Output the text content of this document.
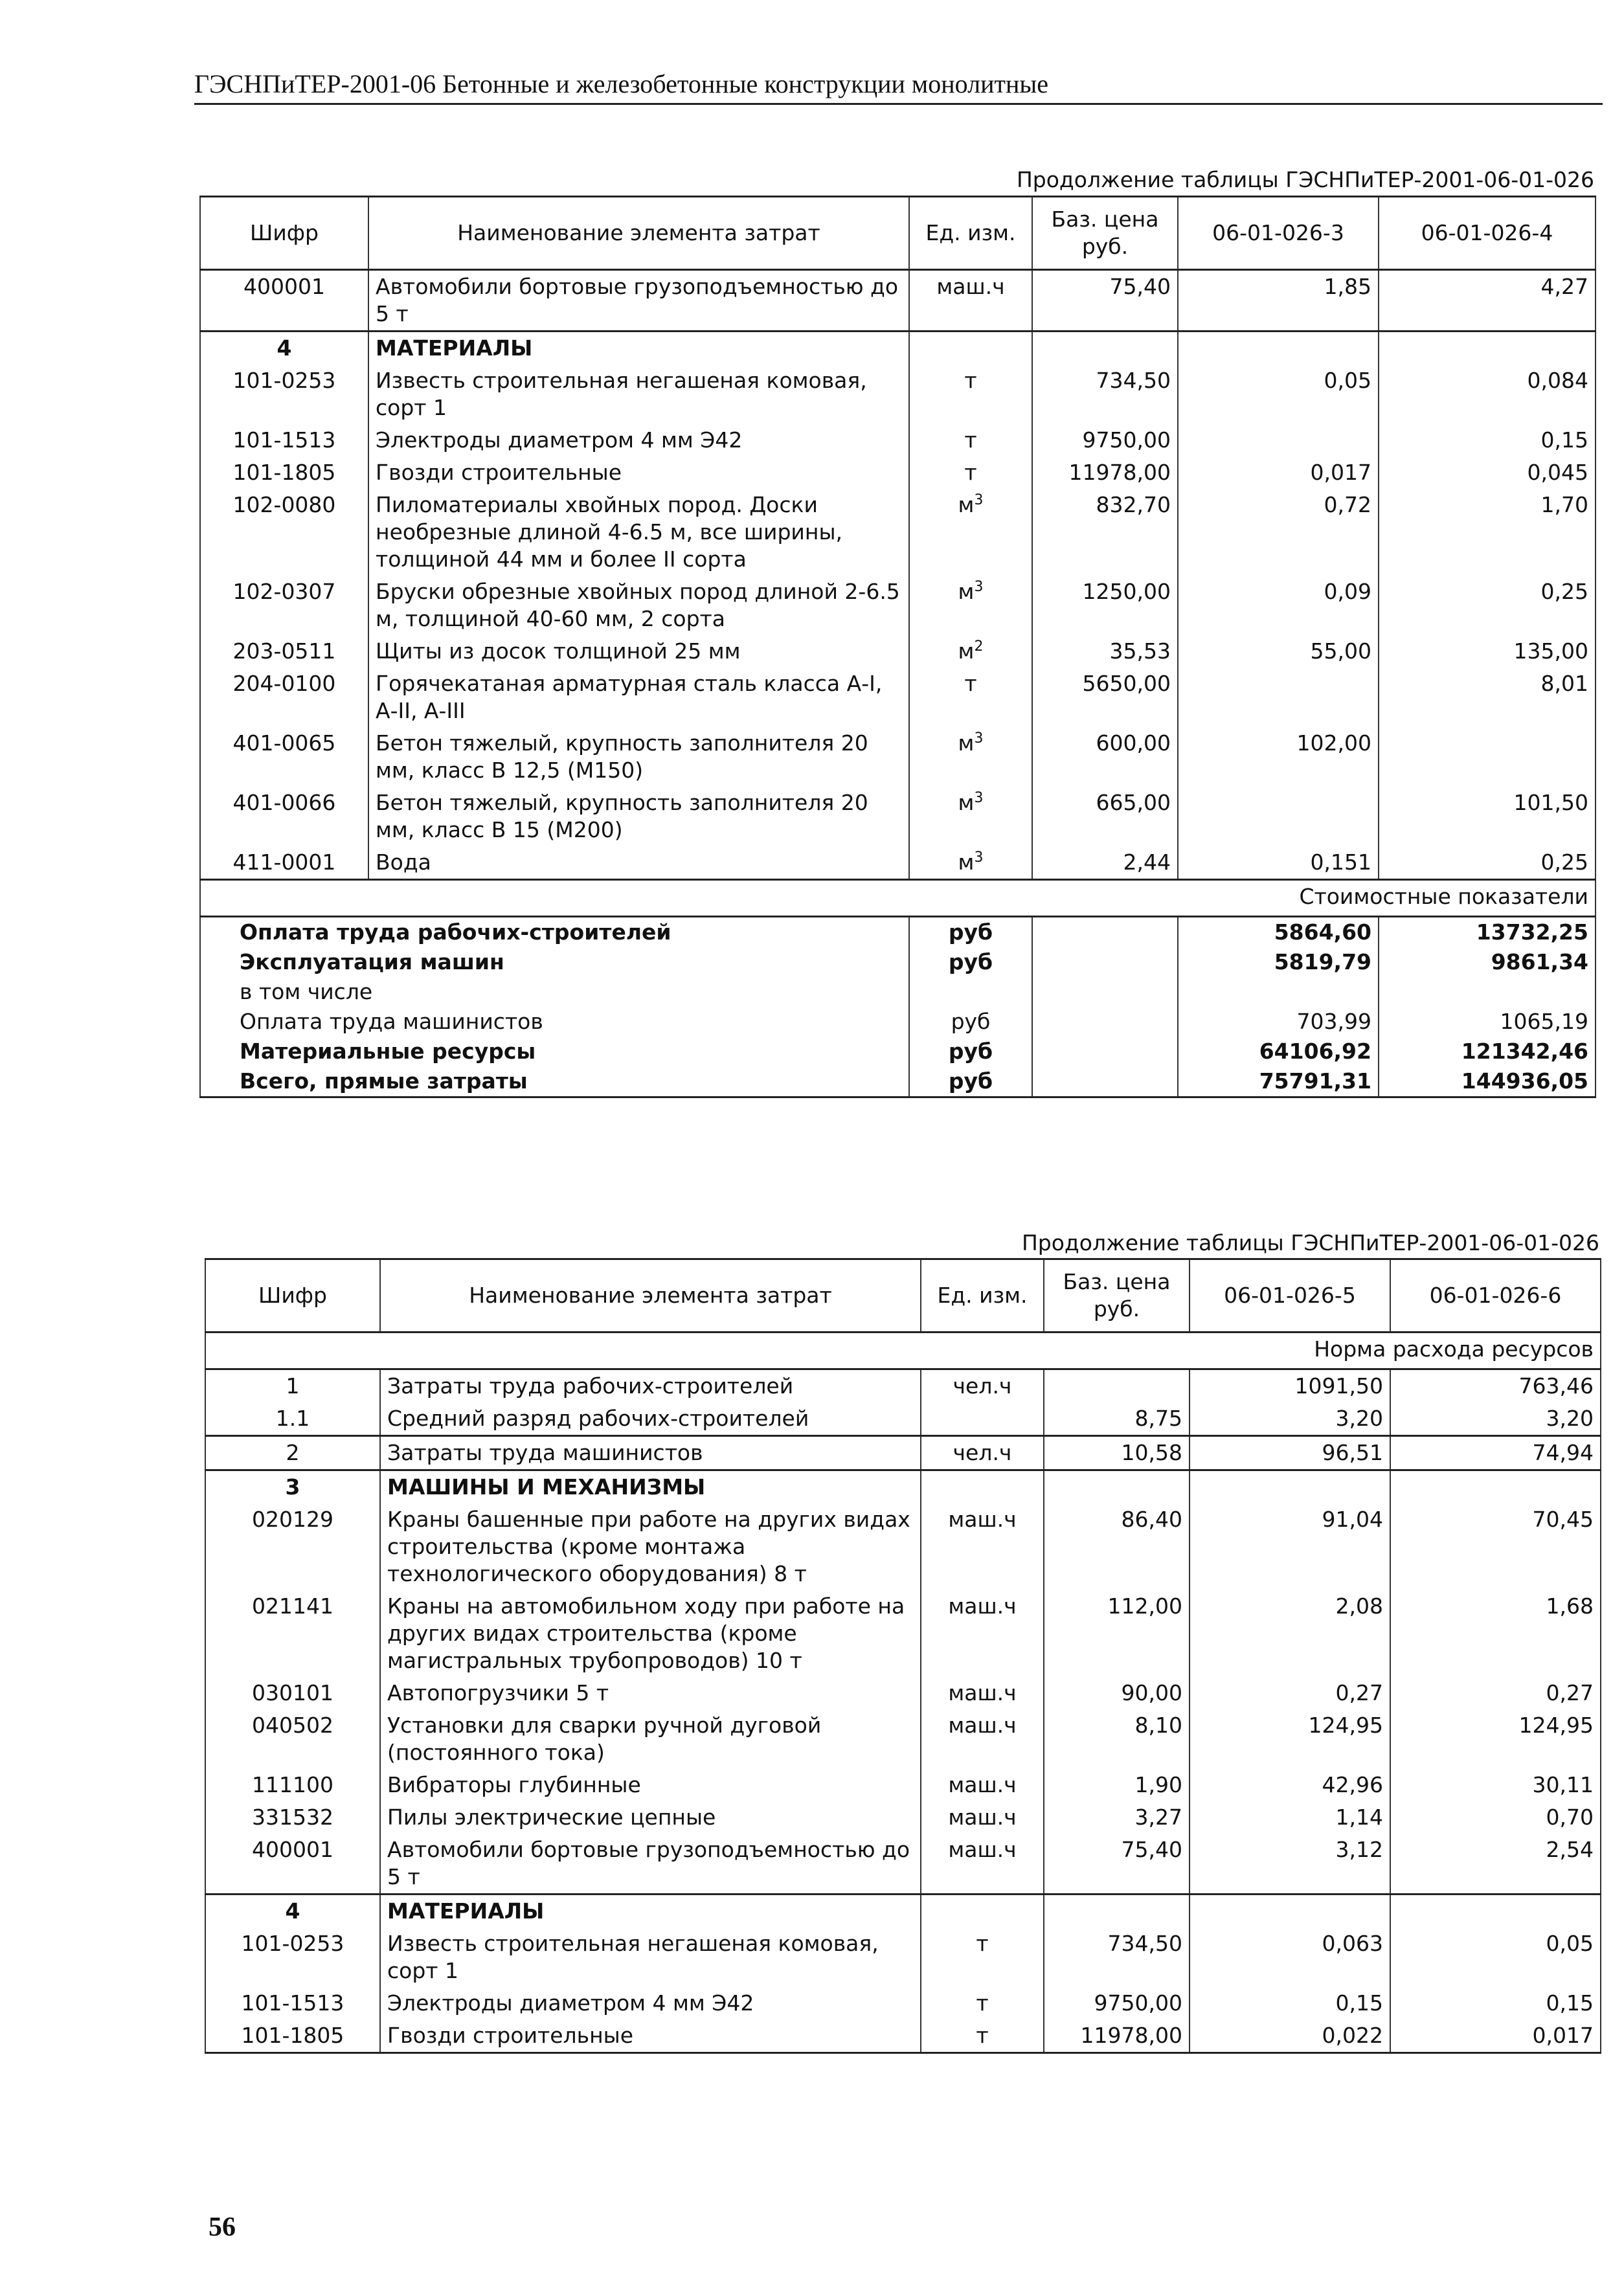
ГЭСНПиТЕР-2001-06 Бетонные и железобетонные конструкции монолитные
Продолжение таблицы ГЭСНПиТЕР-2001-06-01-026
Шифр	Наименование элемента затрат	Ед. изм.	Баз. цена руб.	06-01-026-3	06-01-026-4
400001	Автомобили бортовые грузоподъемностью до 5 т	маш.ч	75,40	1,85	4,27
4	МАТЕРИАЛЫ				
101-0253	Известь строительная негашеная комовая, сорт 1	т	734,50	0,05	0,084
101-1513	Электроды диаметром 4 мм Э42	т	9750,00		0,15
101-1805	Гвозди строительные	т	11978,00	0,017	0,045
102-0080	Пиломатериалы хвойных пород. Доски необрезные длиной 4-6.5 м, все ширины, толщиной 44 мм и более II сорта	$м^3$	832,70	0,72	1,70
102-0307	Бруски обрезные хвойных пород длиной 2-6.5 м, толщиной 40-60 мм, 2 сорта	$м^3$	1250,00	0,09	0,25
203-0511	Щиты из досок толщиной 25 мм	$м^2$	35,53	55,00	135,00
204-0100	Горячекатаная арматурная сталь класса А-I, А-II, А-III	т	5650,00		8,01
401-0065	Бетон тяжелый, крупность заполнителя 20 мм, класс В 12,5 (М150)	$м^3$	600,00	102,00	
401-0066	Бетон тяжелый, крупность заполнителя 20 мм, класс В 15 (М200)	$м^3$	665,00		101,50
411-0001	Вода	$м^3$	2,44	0,151	0,25
Стоимостные показатели					
Оплата труда рабочих-строителей		руб		5864,60	13732,25
Эксплуатация машин		руб		5819,79	9861,34
в том числе					
Оплата труда машинистов		руб		703,99	1065,19
Материальные ресурсы		руб		64106,92	121342,46
Всего, прямые затраты		руб		75791,31	144936,05
Продолжение таблицы ГЭСНПиТЕР-2001-06-01-026
Шифр	Наименование элемента затрат	Ед. изм.	Баз. цена руб.	06-01-026-5	06-01-026-6
Норма расхода ресурсов					
1	Затраты труда рабочих-строителей	чел.ч		1091,50	763,46
1.1	Средний разряд рабочих-строителей		8,75	3,20	3,20
2	Затраты труда машинистов	чел.ч	10,58	96,51	74,94
3	МАШИНЫ И МЕХАНИЗМЫ				
020129	Краны башенные при работе на других видах строительства (кроме монтажа технологического оборудования) 8 т	маш.ч	86,40	91,04	70,45
021141	Краны на автомобильном ходу при работе на других видах строительства (кроме магистральных трубопроводов) 10 т	маш.ч	112,00	2,08	1,68
030101	Автопогрузчики 5 т	маш.ч	90,00	0,27	0,27
040502	Установки для сварки ручной дуговой (постоянного тока)	маш.ч	8,10	124,95	124,95
111100	Вибраторы глубинные	маш.ч	1,90	42,96	30,11
331532	Пилы электрические цепные	маш.ч	3,27	1,14	0,70
400001	Автомобили бортовые грузоподъемностью до 5 т	маш.ч	75,40	3,12	2,54
4	МАТЕРИАЛЫ				
101-0253	Известь строительная негашеная комовая, сорт 1	т	734,50	0,063	0,05
101-1513	Электроды диаметром 4 мм Э42	т	9750,00	0,15	0,15
101-1805	Гвозди строительные	т	11978,00	0,022	0,017
56
